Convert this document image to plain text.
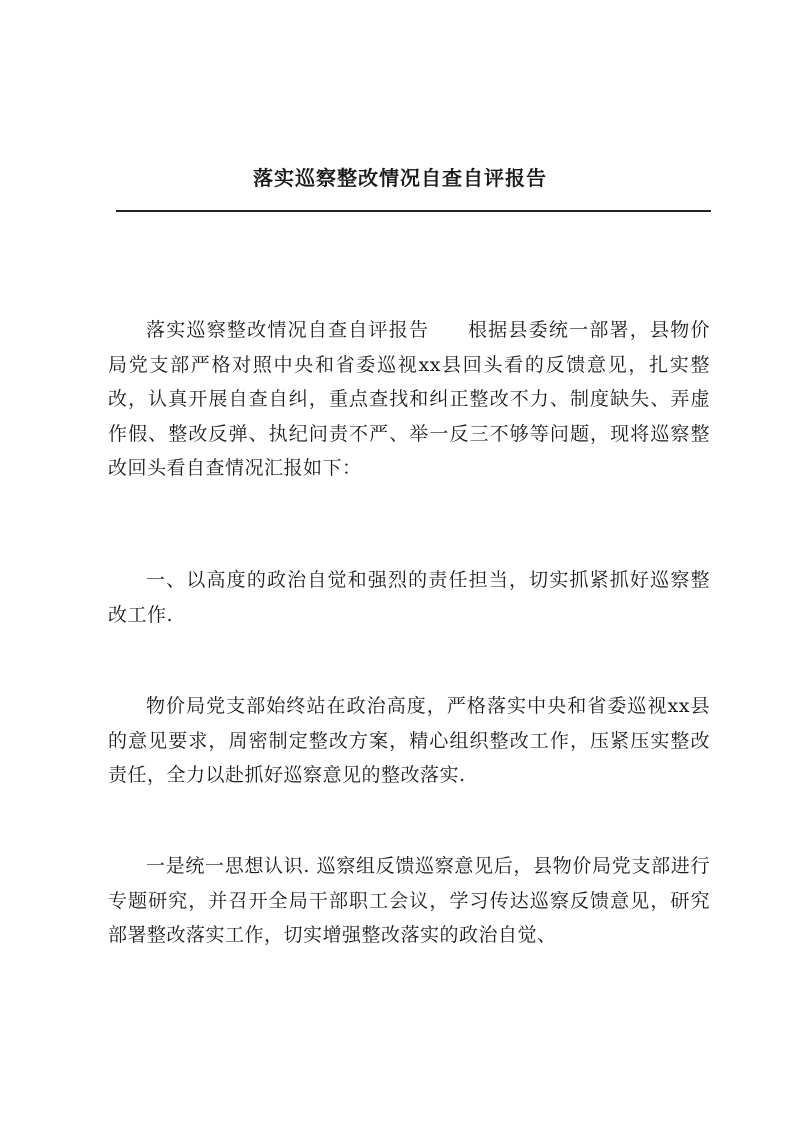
落实巡察整改情况自查自评报告

落实巡察整改情况自查自评报告 根据县委统一部署，县物价局党支部严格对照中央和省委巡视xx县回头看的反馈意见，扎实整改，认真开展自查自纠，重点查找和纠正整改不力、制度缺失、弄虚作假、整改反弹、执纪问责不严、举一反三不够等问题，现将巡察整改回头看自查情况汇报如下：

一、以高度的政治自觉和强烈的责任担当，切实抓紧抓好巡察整改工作.

物价局党支部始终站在政治高度，严格落实中央和省委巡视xx县的意见要求，周密制定整改方案，精心组织整改工作，压紧压实整改责任，全力以赴抓好巡察意见的整改落实.

一是统一思想认识. 巡察组反馈巡察意见后，县物价局党支部进行专题研究，并召开全局干部职工会议，学习传达巡察反馈意见，研究部署整改落实工作，切实增强整改落实的政治自觉、
